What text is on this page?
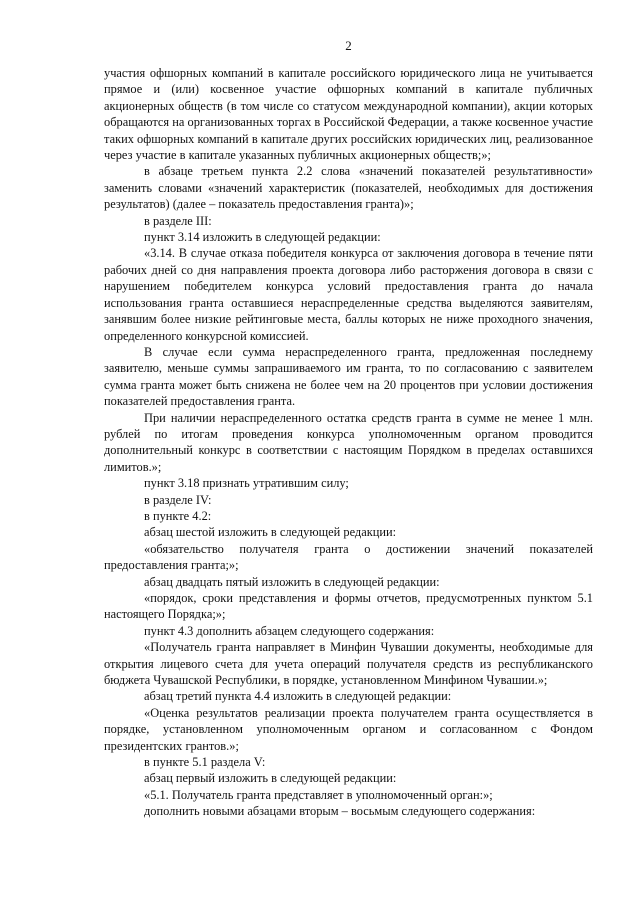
2

участия офшорных компаний в капитале российского юридического лица не учитывается прямое и (или) косвенное участие офшорных компаний в капитале публичных акционерных обществ (в том числе со статусом международной компании), акции которых обращаются на организованных торгах в Российской Федерации, а также косвенное участие таких офшорных компаний в капитале других российских юридических лиц, реализованное через участие в капитале указанных публичных акционерных обществ;»;

в абзаце третьем пункта 2.2 слова «значений показателей результативности» заменить словами «значений характеристик (показателей, необходимых для достижения результатов) (далее – показатель предоставления гранта)»;

в разделе III:

пункт 3.14 изложить в следующей редакции:

«3.14. В случае отказа победителя конкурса от заключения договора в течение пяти рабочих дней со дня направления проекта договора либо расторжения договора в связи с нарушением победителем конкурса условий предоставления гранта до начала использования гранта оставшиеся нераспределенные средства выделяются заявителям, занявшим более низкие рейтинговые места, баллы которых не ниже проходного значения, определенного конкурсной комиссией.

В случае если сумма нераспределенного гранта, предложенная последнему заявителю, меньше суммы запрашиваемого им гранта, то по согласованию с заявителем сумма гранта может быть снижена не более чем на 20 процентов при условии достижения показателей предоставления гранта.

При наличии нераспределенного остатка средств гранта в сумме не менее 1 млн. рублей по итогам проведения конкурса уполномоченным органом проводится дополнительный конкурс в соответствии с настоящим Порядком в пределах оставшихся лимитов.»;

пункт 3.18 признать утратившим силу;

в разделе IV:

в пункте 4.2:

абзац шестой изложить в следующей редакции:

«обязательство получателя гранта о достижении значений показателей предоставления гранта;»;

абзац двадцать пятый изложить в следующей редакции:

«порядок, сроки представления и формы отчетов, предусмотренных пунктом 5.1 настоящего Порядка;»;

пункт 4.3 дополнить абзацем следующего содержания:

«Получатель гранта направляет в Минфин Чувашии документы, необходимые для открытия лицевого счета для учета операций получателя средств из республиканского бюджета Чувашской Республики, в порядке, установленном Минфином Чувашии.»;

абзац третий пункта 4.4 изложить в следующей редакции:

«Оценка результатов реализации проекта получателем гранта осуществляется в порядке, установленном уполномоченным органом и согласованном с Фондом президентских грантов.»;

в пункте 5.1 раздела V:

абзац первый изложить в следующей редакции:

«5.1. Получатель гранта представляет в уполномоченный орган:»;

дополнить новыми абзацами вторым – восьмым следующего содержания:
